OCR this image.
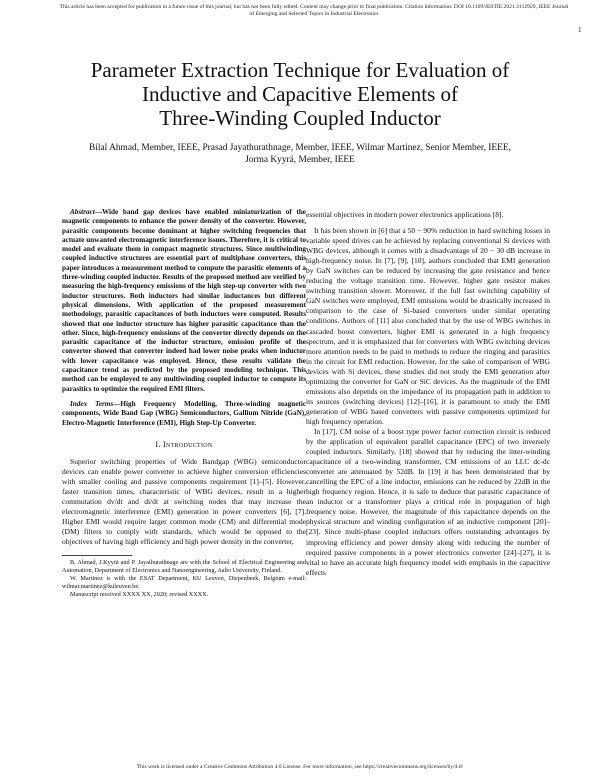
This article has been accepted for publication in a future issue of this journal, but has not been fully edited. Content may change prior to final publication. Citation information: DOI 10.1109/JESTIE.2021.3112929, IEEE Journal
of Emerging and Selected Topics in Industrial Electronics
1
Parameter Extraction Technique for Evaluation of
Inductive and Capacitive Elements of
Three-Winding Coupled Inductor
Bilal Ahmad, Member, IEEE, Prasad Jayathurathnage, Member, IEEE, Wilmar Martinez, Senior Member, IEEE,
Jorma Kyyrä, Member, IEEE

Abstract—Wide band gap devices have enabled miniaturization of the magnetic components to enhance the power density of the converter. However, parasitic components become dominant at higher switching frequencies that actuate unwanted electromagnetic interference issues. Therefore, it is critical to model and evaluate them in compact magnetic structures. Since multiwinding coupled inductive structures are essential part of multiphase converters, this paper introduces a measurement method to compute the parasitic elements of a three-winding coupled inductor. Results of the proposed method are verified by measuring the high-frequency emissions of the high step-up converter with two inductor structures. Both inductors had similar inductances but different physical dimensions. With application of the proposed measurement methodology, parasitic capacitances of both inductors were computed. Results showed that one inductor structure has higher parasitic capacitance than the other. Since, high-frequency emissions of the converter directly depends on the parasitic capacitance of the inductor structure, emission profile of the converter showed that converter indeed had lower noise peaks when inductor with lower capacitance was employed. Hence, these results validate the capacitance trend as predicted by the proposed modeling technique. This method can be employed to any multiwinding coupled inductor to compute its parasitics to optimize the required EMI filters.

Index Terms—High Frequency Modelling, Three-winding magnetic components, Wide Band Gap (WBG) Semiconductors, Gallium Nitride (GaN), Electro-Magnetic Interference (EMI), High Step-Up Converter.

I. Introduction

Superior switching properties of Wide Bandgap (WBG) semiconductor devices can enable power converter to achieve higher conversion efficiencies with smaller cooling and passive components requirement [1]–[5]. However, faster transition times, characteristic of WBG devices, result in a higher commutation dv/dt and di/dt at switching nodes that may increase the electromagnetic interference (EMI) generation in power converters [6], [7]. Higher EMI would require larger common mode (CM) and differential mode (DM) filters to comply with standards, which would be opposed to the objectives of having high efficiency and high power density in the converter,

B. Ahmad, J.Kyyrä and P. Jayathurathnage are with the School of Electrical Engineering and Automation, Department of Electronics and Nanoengineering, Aalto University, Finland.

W. Martinez is with the ESAT Department, KU Leuven, Diepenbeek, Belgium e-mail: wilmar.martinez@kuleuven.be.

Manuscript received XXXX XX, 2020; revised XXXX.

essential objectives in modern power electronics applications [8].

It has been shown in [6] that a 50 − 90% reduction in hard switching losses in variable speed drives can be achieved by replacing conventional Si devices with WBG devices, although it comes with a disadvantage of 20 − 30 dB increase in high-frequency noise. In [7], [9], [10], authors concluded that EMI generation by GaN switches can be reduced by increasing the gate resistance and hence reducing the voltage transition time. However, higher gate resistor makes switching transition slower. Moreover, if the full fast switching capability of GaN switches were employed, EMI emissions would be drastically increased in comparison to the case of Si-based converters under similar operating conditions. Authors of [11] also concluded that by the use of WBG switches in cascaded boost converters, higher EMI is generated in a high frequency spectrum, and it is emphasized that for converters with WBG switching devices more attention needs to be paid to methods to reduce the ringing and parasitics in the circuit for EMI reduction. However, for the sake of comparison of WBG devices with Si devices, these studies did not study the EMI generation after optimizing the converter for GaN or SiC devices. As the magnitude of the EMI emissions also depends on the impedance of its propagation path in addition to its sources (switching devices) [12]–[16], it is paramount to study the EMI generation of WBG based converters with passive components optimized for high frequency operation.

In [17], CM noise of a boost type power factor correction circuit is reduced by the application of equivalent parallel capacitance (EPC) of two inversely coupled inductors. Similarly, [18] showed that by reducing the inter-winding capacitance of a two-winding transformer, CM emissions of an LLC dc-dc converter are attenuated by 52dB. In [19] it has been demonstrated that by cancelling the EPC of a line inductor, emissions can be reduced by 22dB in the high frequency region. Hence, it is safe to deduce that parasitic capacitance of an inductor or a transformer plays a critical role in propagation of high frequency noise. However, the magnitude of this capacitance depends on the physical structure and winding configuration of an inductive component [20]–[23]. Since multi-phase coupled inductors offers outstanding advantages by improving efficiency and power density along with reducing the number of required passive components in a power electronics converter [24]–[27], it is vital to have an accurate high frequency model with emphasis in the capacitive effects

This work is licensed under a Creative Commons Attribution 4.0 License. For more information, see https://creativecommons.org/licenses/by/4.0/
